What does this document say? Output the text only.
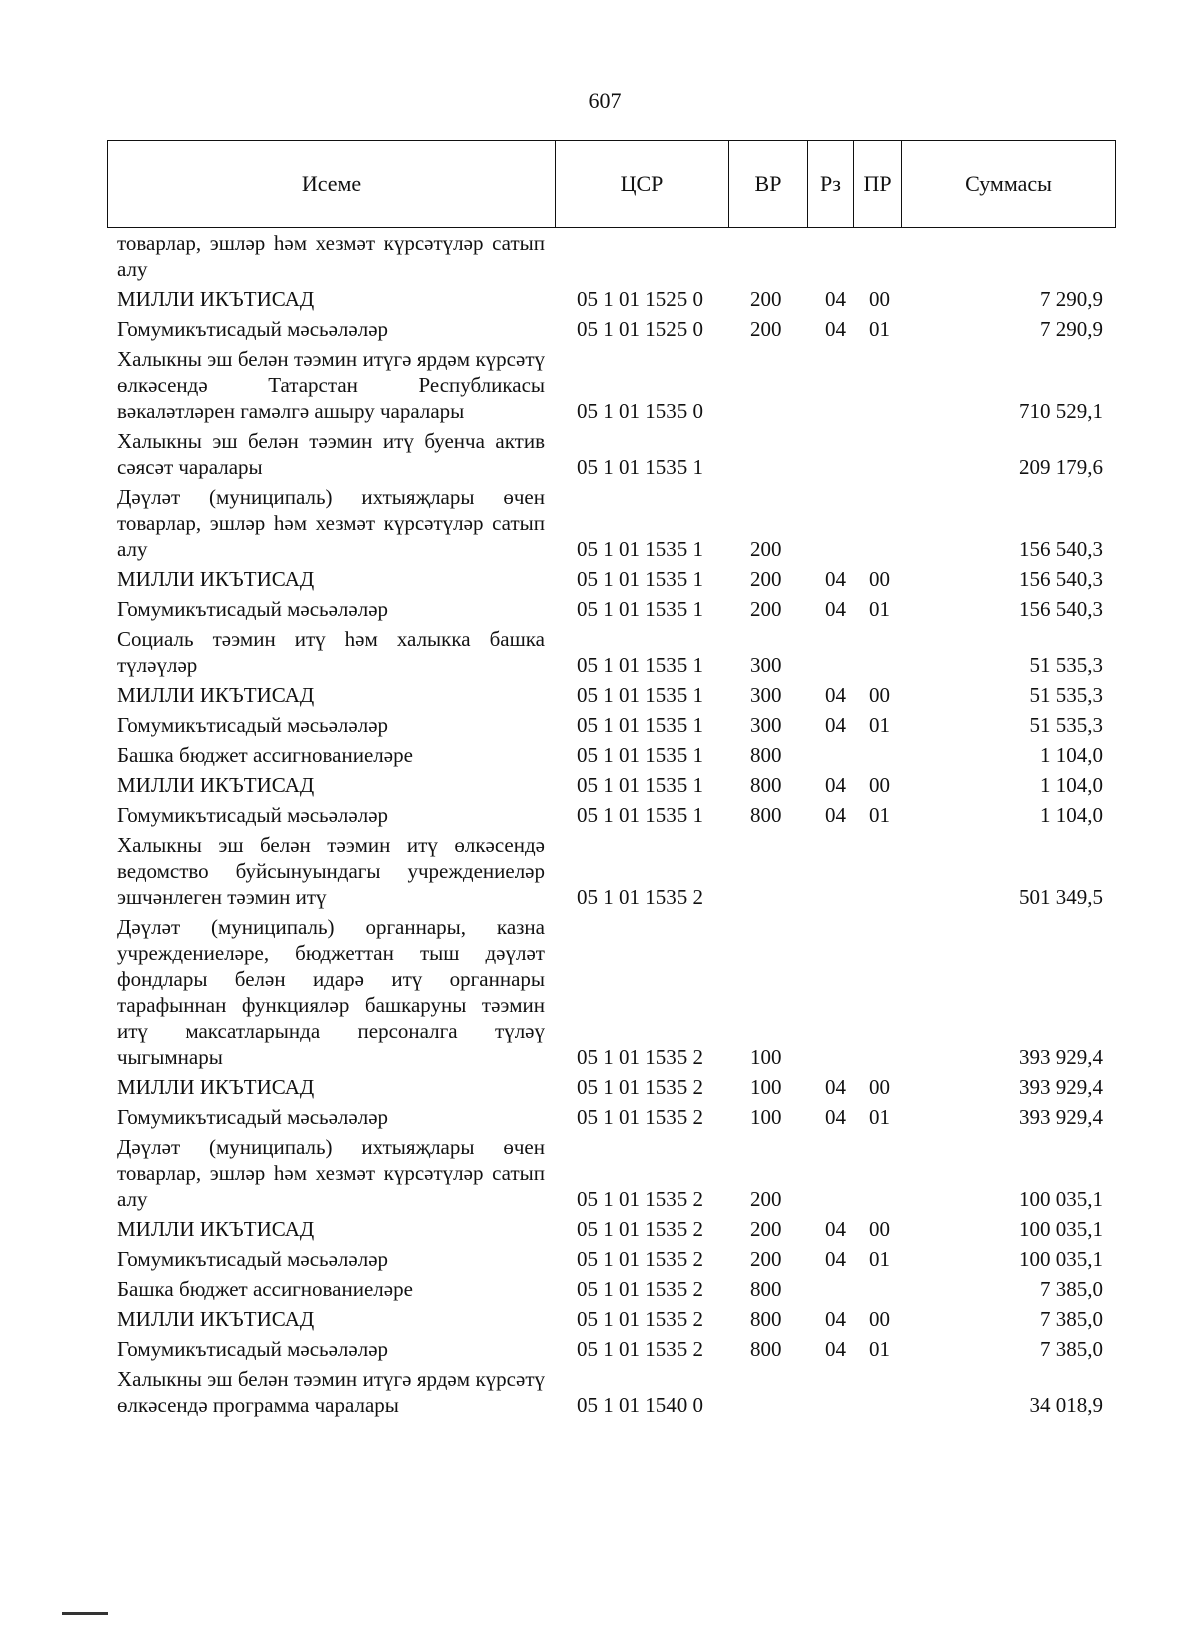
607
Исеме	ЦСР	ВР	Рз	ПР	Суммасы
товарлар, эшләр һәм хезмәт күрсәтүләр сатып алу					
МИЛЛИ ИКЪТИСАД	05 1 01 1525 0	200	04	00	7 290,9
Гомумикътисадый мәсьәләләр	05 1 01 1525 0	200	04	01	7 290,9
Халыкны эш белән тәэмин итүгә ярдәм күрсәтү өлкәсендә Татарстан Республикасы вәкаләтләрен гамәлгә ашыру чаралары	05 1 01 1535 0				710 529,1
Халыкны эш белән тәэмин итү буенча актив сәясәт чаралары	05 1 01 1535 1				209 179,6
Дәүләт (муниципаль) ихтыяҗлары өчен товарлар, эшләр һәм хезмәт күрсәтүләр сатып алу	05 1 01 1535 1	200			156 540,3
МИЛЛИ ИКЪТИСАД	05 1 01 1535 1	200	04	00	156 540,3
Гомумикътисадый мәсьәләләр	05 1 01 1535 1	200	04	01	156 540,3
Социаль тәэмин итү һәм халыкка башка түләүләр	05 1 01 1535 1	300			51 535,3
МИЛЛИ ИКЪТИСАД	05 1 01 1535 1	300	04	00	51 535,3
Гомумикътисадый мәсьәләләр	05 1 01 1535 1	300	04	01	51 535,3
Башка бюджет ассигнованиеләре	05 1 01 1535 1	800			1 104,0
МИЛЛИ ИКЪТИСАД	05 1 01 1535 1	800	04	00	1 104,0
Гомумикътисадый мәсьәләләр	05 1 01 1535 1	800	04	01	1 104,0
Халыкны эш белән тәэмин итү өлкәсендә ведомство буйсынуындагы учреждениеләр эшчәнлеген тәэмин итү	05 1 01 1535 2				501 349,5
Дәүләт (муниципаль) органнары, казна учреждениеләре, бюджеттан тыш дәүләт фондлары белән идарә итү органнары тарафыннан функцияләр башкаруны тәэмин итү максатларында персоналга түләү чыгымнары	05 1 01 1535 2	100			393 929,4
МИЛЛИ ИКЪТИСАД	05 1 01 1535 2	100	04	00	393 929,4
Гомумикътисадый мәсьәләләр	05 1 01 1535 2	100	04	01	393 929,4
Дәүләт (муниципаль) ихтыяҗлары өчен товарлар, эшләр һәм хезмәт күрсәтүләр сатып алу	05 1 01 1535 2	200			100 035,1
МИЛЛИ ИКЪТИСАД	05 1 01 1535 2	200	04	00	100 035,1
Гомумикътисадый мәсьәләләр	05 1 01 1535 2	200	04	01	100 035,1
Башка бюджет ассигнованиеләре	05 1 01 1535 2	800			7 385,0
МИЛЛИ ИКЪТИСАД	05 1 01 1535 2	800	04	00	7 385,0
Гомумикътисадый мәсьәләләр	05 1 01 1535 2	800	04	01	7 385,0
Халыкны эш белән тәэмин итүгә ярдәм күрсәтү өлкәсендә программа чаралары	05 1 01 1540 0				34 018,9
